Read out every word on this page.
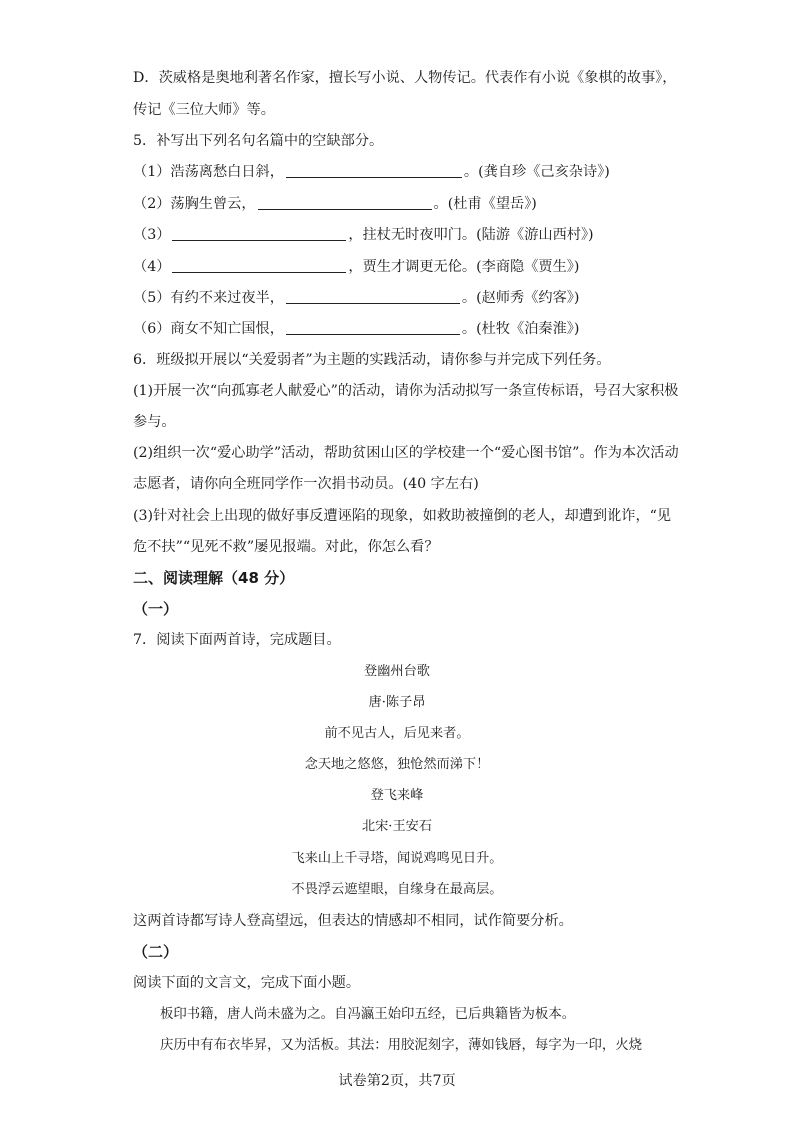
D．茨威格是奥地利著名作家，擅长写小说、人物传记。代表作有小说《象棋的故事》，
传记《三位大师》等。
5．补写出下列名句名篇中的空缺部分。
（1）浩荡离愁白日斜，	。(龚自珍《己亥杂诗》)
（2）荡胸生曾云，	。(杜甫《望岳》)
（3）	，拄杖无时夜叩门。(陆游《游山西村》)
（4）	，贾生才调更无伦。(李商隐《贾生》)
（5）有约不来过夜半，	。(赵师秀《约客》)
（6）商女不知亡国恨，	。(杜牧《泊秦淮》)
6．班级拟开展以“关爱弱者”为主题的实践活动，请你参与并完成下列任务。
(1)开展一次“向孤寡老人献爱心”的活动，请你为活动拟写一条宣传标语，号召大家积极
参与。
(2)组织一次“爱心助学”活动，帮助贫困山区的学校建一个“爱心图书馆”。作为本次活动
志愿者，请你向全班同学作一次捐书动员。(40 字左右)
(3)针对社会上出现的做好事反遭诬陷的现象，如救助被撞倒的老人，却遭到讹诈，“见
危不扶”“见死不救”屡见报端。对此，你怎么看？
二、阅读理解（48 分）
（一）
7．阅读下面两首诗，完成题目。
登幽州台歌
唐·陈子昂
前不见古人，后见来者。
念天地之悠悠，独怆然而涕下！
登飞来峰
北宋·王安石
飞来山上千寻塔，闻说鸡鸣见日升。
不畏浮云遮望眼，自缘身在最高层。
这两首诗都写诗人登高望远，但表达的情感却不相同，试作简要分析。
（二）
阅读下面的文言文，完成下面小题。
板印书籍，唐人尚未盛为之。自冯瀛王始印五经，已后典籍皆为板本。
庆历中有布衣毕昇，又为活板。其法：用胶泥刻字，薄如钱唇，每字为一印，火烧
试卷第2页，共7页
